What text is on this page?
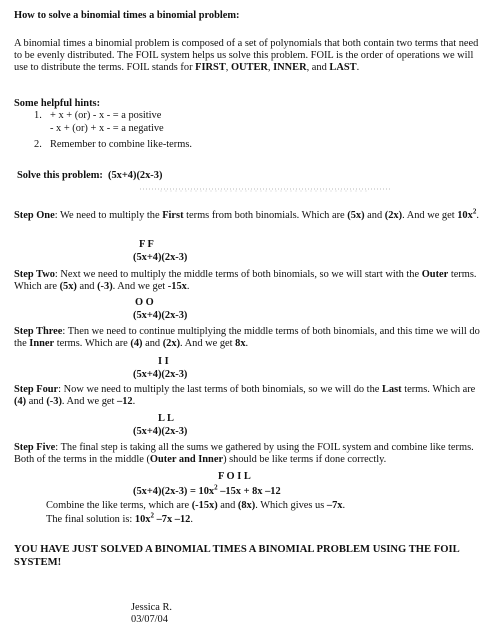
How to solve a binomial times a binomial problem:
A binomial times a binomial problem is composed of a set of polynomials that both contain two terms that need to be evenly distributed. The FOIL system helps us solve this problem. FOIL is the order of operations we will use to distribute the terms. FOIL stands for FIRST, OUTER, INNER, and LAST.
Some helpful hints:
1. + x + (or) - x - = a positive
- x + (or) + x - = a negative
2. Remember to combine like-terms.
Solve this problem: (5x+4)(2x-3)
Step One: We need to multiply the First terms from both binomials. Which are (5x) and (2x). And we get $10x^2$.
F F
(5x+4)(2x-3)
Step Two: Next we need to multiply the middle terms of both binomials, so we will start with the Outer terms. Which are (5x) and (-3). And we get -15x.
O O
(5x+4)(2x-3)
Step Three: Then we need to continue multiplying the middle terms of both binomials, and this time we will do the Inner terms. Which are (4) and (2x). And we get 8x.
I I
(5x+4)(2x-3)
Step Four: Now we need to multiply the last terms of both binomials, so we will do the Last terms. Which are (4) and (-3). And we get –12.
L L
(5x+4)(2x-3)
Step Five: The final step is taking all the sums we gathered by using the FOIL system and combine like terms. Both of the terms in the middle (Outer and Inner) should be like terms if done correctly.
F O I L
$(5x+4)(2x-3) = 10x^2$ –15x + 8x –12
Combine the like terms, which are (-15x) and (8x). Which gives us –7x.
The final solution is: $10x^2$ –7x –12.
YOU HAVE JUST SOLVED A BINOMIAL TIMES A BINOMIAL PROBLEM USING THE FOIL SYSTEM!
Jessica R.
03/07/04
